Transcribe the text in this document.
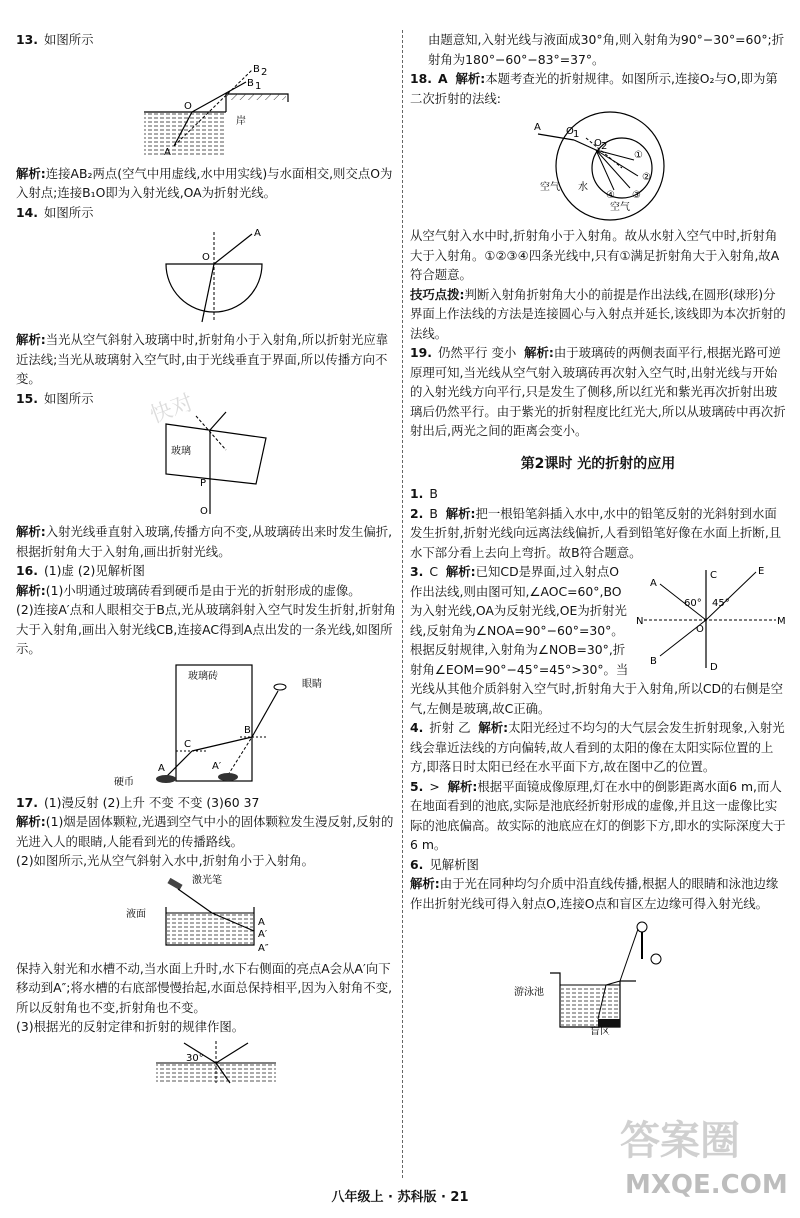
13. 如图所示

B 2
B 1
O
A
岸

解析:连接AB₂两点(空气中用虚线,水中用实线)与水面相交,则交点O为入射点;连接B₁O即为入射光线,OA为折射光线。

14. 如图所示

A
O

解析:当光从空气斜射入玻璃中时,折射角小于入射角,所以折射光应靠近法线;当光从玻璃射入空气时,由于光线垂直于界面,所以传播方向不变。

15. 如图所示

玻璃
P
O

解析:入射光线垂直射入玻璃,传播方向不变,从玻璃砖出来时发生偏折,根据折射角大于入射角,画出折射光线。

16. (1)虚 (2)见解析图

解析:(1)小明通过玻璃砖看到硬币是由于光的折射形成的虚像。

(2)连接A′点和人眼相交于B点,光从玻璃斜射入空气时发生折射,折射角大于入射角,画出入射光线CB,连接AC得到A点出发的一条光线,如图所示。

玻璃砖
眼睛
B
C
硬币
A	A′

17. (1)漫反射 (2)上升 不变 不变 (3)60 37

解析:(1)烟是固体颗粒,光遇到空气中小的固体颗粒发生漫反射,反射的光进入人的眼睛,人能看到光的传播路线。

(2)如图所示,光从空气斜射入水中,折射角小于入射角。

激光笔
液面
A
A′
A″

保持入射光和水槽不动,当水面上升时,水下右侧面的亮点A会从A′向下移动到A″;将水槽的右底部慢慢抬起,水面总保持相平,因为入射角不变,所以反射角也不变,折射角也不变。

(3)根据光的反射定律和折射的规律作图。

30°

由题意知,入射光线与液面成30°角,则入射角为90°−30°=60°;折射角为180°−60°−83°=37°。

18. A 解析:本题考查光的折射规律。如图所示,连接O₂与O,即为第二次折射的法线:

A	O 1
O 2
①
②
③
④
空气 水
空气

从空气射入水中时,折射角小于入射角。故从水射入空气中时,折射角大于入射角。①②③④四条光线中,只有①满足折射角大于入射角,故A符合题意。

技巧点拨:判断入射角折射角大小的前提是作出法线,在圆形(球形)分界面上作法线的方法是连接圆心与入射点并延长,该线即为本次折射的法线。

19. 仍然平行 变小 解析:由于玻璃砖的两侧表面平行,根据光路可逆原理可知,当光线从空气射入玻璃砖再次射入空气时,出射光线与开始的入射光线方向平行,只是发生了侧移,所以红光和紫光再次折射出玻璃后仍然平行。由于紫光的折射程度比红光大,所以从玻璃砖中再次折射出后,两光之间的距离会变小。

第2课时 光的折射的应用

1. B

2. B 解析:把一根铅笔斜插入水中,水中的铅笔反射的光斜射到水面发生折射,折射光线向远离法线偏折,人看到铅笔好像在水面上折断,且水下部分看上去向上弯折。故B符合题意。

C	E
A
60° 45°
N	M
O
B
D

3. C 解析:已知CD是界面,过入射点O作出法线,则由图可知,∠AOC=60°,BO为入射光线,OA为反射光线,OE为折射光线,反射角为∠NOA=90°−60°=30°。根据反射规律,入射角为∠NOB=30°,折射角∠EOM=90°−45°=45°>30°。当光线从其他介质斜射入空气时,折射角大于入射角,所以CD的右侧是空气,左侧是玻璃,故C正确。

4. 折射 乙 解析:太阳光经过不均匀的大气层会发生折射现象,入射光线会靠近法线的方向偏转,故人看到的太阳的像在太阳实际位置的上方,即落日时太阳已经在水平面下方,故在图中乙的位置。

5. > 解析:根据平面镜成像原理,灯在水中的倒影距离水面6 m,而人在地面看到的池底,实际是池底经折射形成的虚像,并且这一虚像比实际的池底偏高。故实际的池底应在灯的倒影下方,即水的实际深度大于6 m。

6. 见解析图

解析:由于光在同种均匀介质中沿直线传播,根据人的眼睛和泳池边缘作出折射光线可得入射点O,连接O点和盲区左边缘可得入射光线。

游泳池
盲区
快对
答案圈
MXQE.COM
八年级上 · 苏科版 · 21
